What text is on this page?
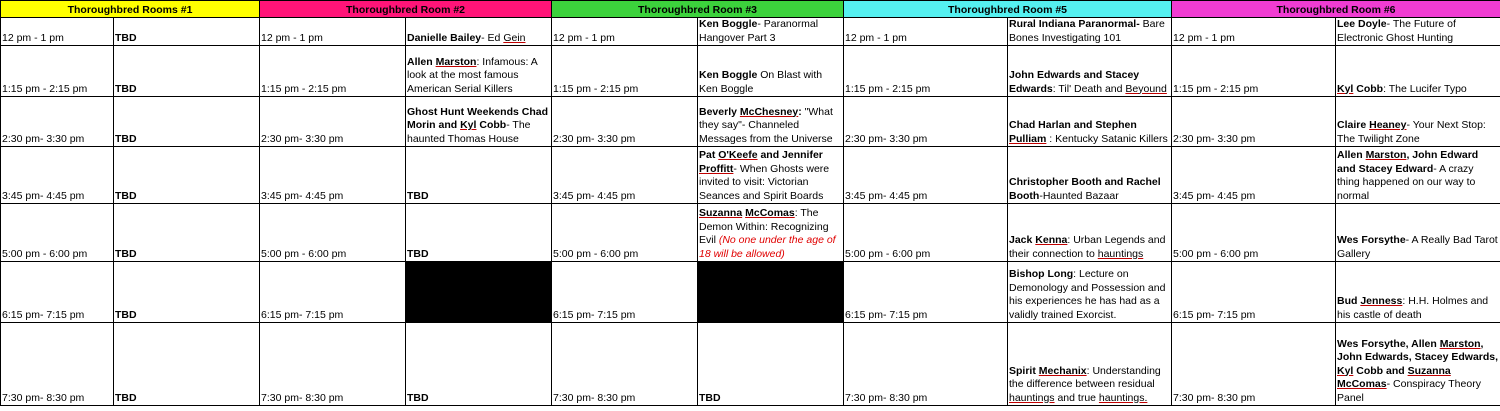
Thoroughbred Rooms #1		Thoroughbred Room #2		Thoroughbred Room #3		Thoroughbred Room #5		Thoroughbred Room #6	
12 pm - 1 pm	TBD	12 pm - 1 pm	Danielle Bailey- Ed Gein	12 pm - 1 pm	Ken Boggle- Paranormal Hangover Part 3	12 pm - 1 pm	Rural Indiana Paranormal- Bare Bones Investigating 101	12 pm - 1 pm	Lee Doyle- The Future of Electronic Ghost Hunting
1:15 pm - 2:15 pm	TBD	1:15 pm - 2:15 pm	Allen Marston: Infamous: A look at the most famous American Serial Killers	1:15 pm - 2:15 pm	Ken Boggle On Blast with Ken Boggle	1:15 pm - 2:15 pm	John Edwards and Stacey Edwards: Til' Death and Beyound	1:15 pm - 2:15 pm	Kyl Cobb: The Lucifer Typo
2:30 pm- 3:30 pm	TBD	2:30 pm- 3:30 pm	Ghost Hunt Weekends Chad Morin and Kyl Cobb- The haunted Thomas House	2:30 pm- 3:30 pm	Beverly McChesney: "What they say"- Channeled Messages from the Universe	2:30 pm- 3:30 pm	Chad Harlan and Stephen Pulliam : Kentucky Satanic Killers	2:30 pm- 3:30 pm	Claire Heaney- Your Next Stop: The Twilight Zone
3:45 pm- 4:45 pm	TBD	3:45 pm- 4:45 pm	TBD	3:45 pm- 4:45 pm	Pat O'Keefe and Jennifer Proffitt- When Ghosts were invited to visit: Victorian Seances and Spirit Boards	3:45 pm- 4:45 pm	Christopher Booth and Rachel Booth-Haunted Bazaar	3:45 pm- 4:45 pm	Allen Marston, John Edward and Stacey Edward- A crazy thing happened on our way to normal
5:00 pm - 6:00 pm	TBD	5:00 pm - 6:00 pm	TBD	5:00 pm - 6:00 pm	Suzanna McComas: The Demon Within: Recognizing Evil (No one under the age of 18 will be allowed)	5:00 pm - 6:00 pm	Jack Kenna: Urban Legends and their connection to hauntings	5:00 pm - 6:00 pm	Wes Forsythe- A Really Bad Tarot Gallery
6:15 pm- 7:15 pm	TBD	6:15 pm- 7:15 pm		6:15 pm- 7:15 pm		6:15 pm- 7:15 pm	Bishop Long: Lecture on Demonology and Possession and his experiences he has had as a validly trained Exorcist.	6:15 pm- 7:15 pm	Bud Jenness: H.H. Holmes and his castle of death
7:30 pm- 8:30 pm	TBD	7:30 pm- 8:30 pm	TBD	7:30 pm- 8:30 pm	TBD	7:30 pm- 8:30 pm	Spirit Mechanix: Understanding the difference between residual hauntings and true hauntings.	7:30 pm- 8:30 pm	Wes Forsythe, Allen Marston, John Edwards, Stacey Edwards, Kyl Cobb and Suzanna McComas- Conspiracy Theory Panel
